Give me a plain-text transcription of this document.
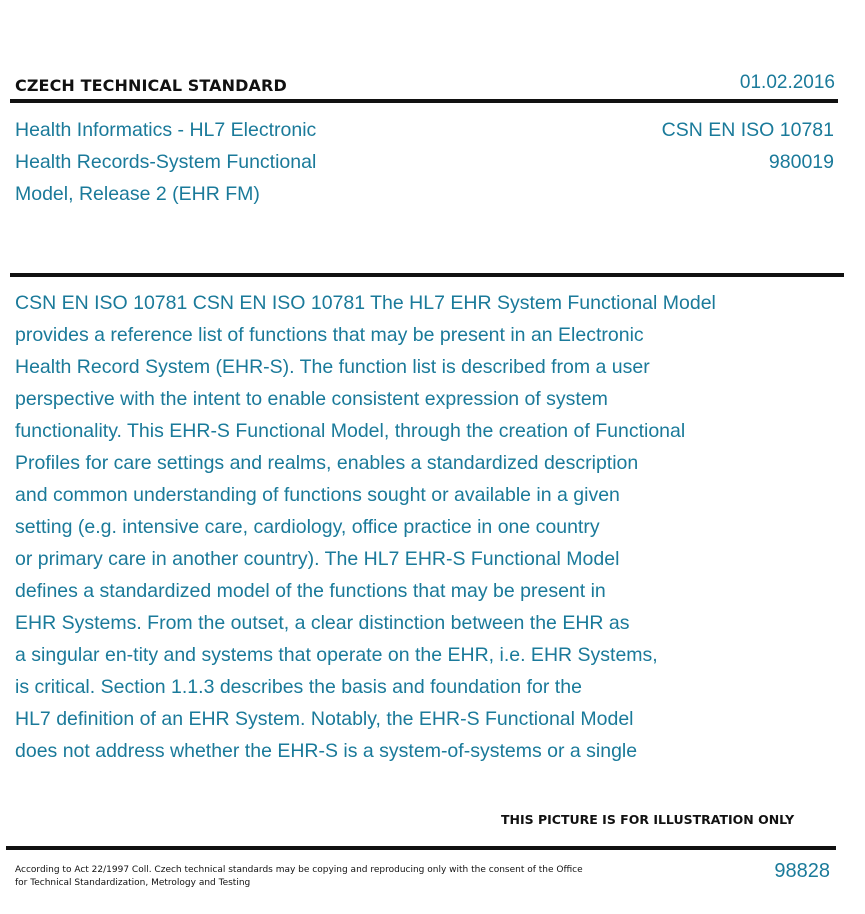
CZECH TECHNICAL STANDARD	01.02.2016
Health Informatics - HL7 Electronic
Health Records-System Functional
Model, Release 2 (EHR FM)
CSN EN ISO 10781
980019
CSN EN ISO 10781 CSN EN ISO 10781 The HL7 EHR System Functional Model
provides a reference list of functions that may be present in an Electronic
Health Record System (EHR-S). The function list is described from a user
perspective with the intent to enable consistent expression of system
functionality. This EHR-S Functional Model, through the creation of Functional
Profiles for care settings and realms, enables a standardized description
and common understanding of functions sought or available in a given
setting (e.g. intensive care, cardiology, office practice in one country
or primary care in another country). The HL7 EHR-S Functional Model
defines a standardized model of the functions that may be present in
EHR Systems. From the outset, a clear distinction between the EHR as
a singular en-tity and systems that operate on the EHR, i.e. EHR Systems,
is critical. Section 1.1.3 describes the basis and foundation for the
HL7 definition of an EHR System. Notably, the EHR-S Functional Model
does not address whether the EHR-S is a system-of-systems or a single
THIS PICTURE IS FOR ILLUSTRATION ONLY
According to Act 22/1997 Coll. Czech technical standards may be copying and reproducing only with the consent of the Office
for Technical Standardization, Metrology and Testing
98828
